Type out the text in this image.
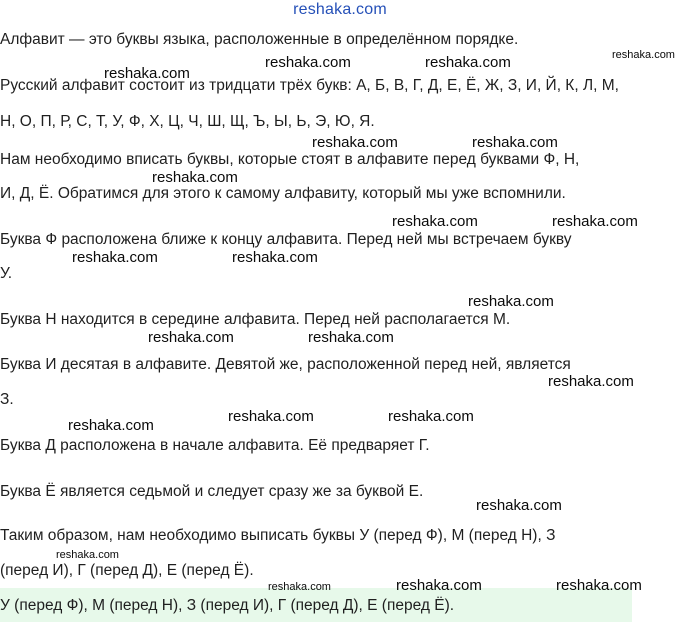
reshaka.com
Алфавит — это буквы языка, расположенные в определённом порядке.
Русский алфавит состоит из тридцати трёх букв: А, Б, В, Г, Д, Е, Ё, Ж, З, И, Й, К, Л, М,
Н, О, П, Р, С, Т, У, Ф, Х, Ц, Ч, Ш, Щ, Ъ, Ы, Ь, Э, Ю, Я.
Нам необходимо вписать буквы, которые стоят в алфавите перед буквами Ф, Н,
И, Д, Ё. Обратимся для этого к самому алфавиту, который мы уже вспомнили.
Буква Ф расположена ближе к концу алфавита. Перед ней мы встречаем букву
У.
Буква Н находится в середине алфавита. Перед ней располагается М.
Буква И десятая в алфавите. Девятой же, расположенной перед ней, является
З.
Буква Д расположена в начале алфавита. Её предваряет Г.
Буква Ё является седьмой и следует сразу же за буквой Е.
Таким образом, нам необходимо выписать буквы У (перед Ф), М (перед Н), З
(перед И), Г (перед Д), Е (перед Ё).
У (перед Ф), М (перед Н), З (перед И), Г (перед Д), Е (перед Ё).
reshaka.com
reshaka.com
reshaka.com	reshaka.com
reshaka.com	reshaka.com
reshaka.com
reshaka.com	reshaka.com
reshaka.com	reshaka.com
reshaka.com
reshaka.com	reshaka.com
reshaka.com
reshaka.com	reshaka.com
reshaka.com
reshaka.com
reshaka.com
reshaka.com	reshaka.com	reshaka.com
